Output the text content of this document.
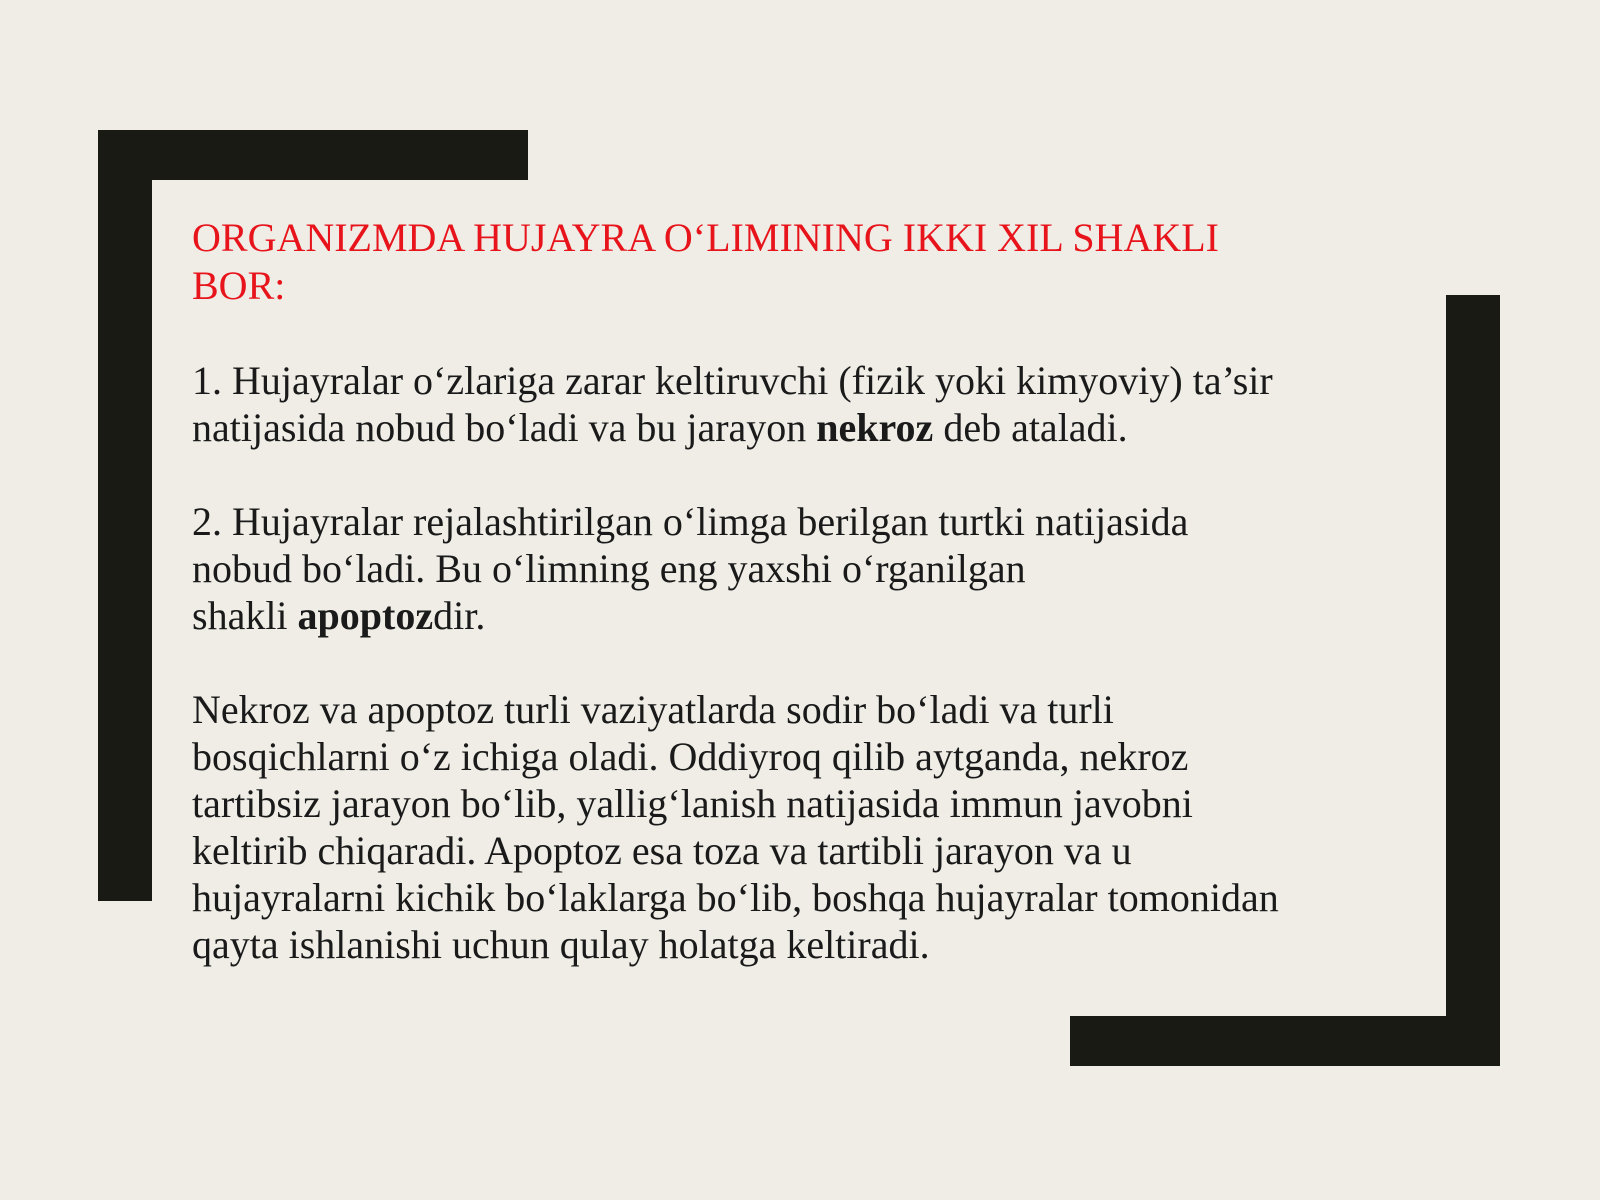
ORGANIZMDA HUJAYRA O‘LIMINING IKKI XIL SHAKLI
BOR:

1. Hujayralar o‘zlariga zarar keltiruvchi (fizik yoki kimyoviy) ta’sir
natijasida nobud bo‘ladi va bu jarayon nekroz deb ataladi.

2. Hujayralar rejalashtirilgan o‘limga berilgan turtki natijasida
nobud bo‘ladi. Bu o‘limning eng yaxshi o‘rganilgan
shakli apoptozdir.

Nekroz va apoptoz turli vaziyatlarda sodir bo‘ladi va turli
bosqichlarni o‘z ichiga oladi. Oddiyroq qilib aytganda, nekroz
tartibsiz jarayon bo‘lib, yallig‘lanish natijasida immun javobni
keltirib chiqaradi. Apoptoz esa toza va tartibli jarayon va u
hujayralarni kichik bo‘laklarga bo‘lib, boshqa hujayralar tomonidan
qayta ishlanishi uchun qulay holatga keltiradi.
